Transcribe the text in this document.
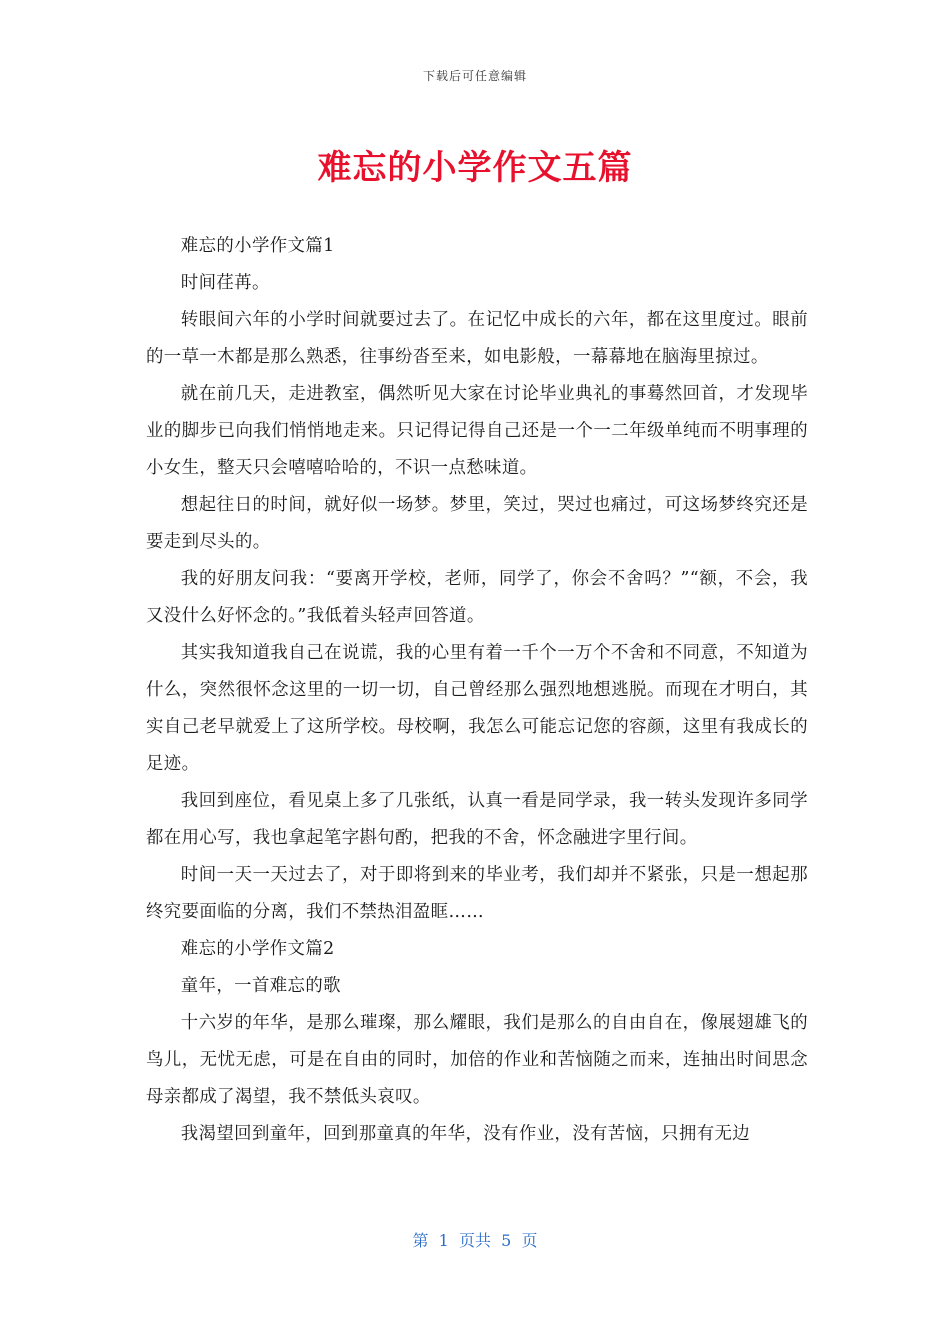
下载后可任意编辑
难忘的小学作文五篇

难忘的小学作文篇1

时间荏苒。

转眼间六年的小学时间就要过去了。在记忆中成长的六年，都在这里度过。眼前的一草一木都是那么熟悉，往事纷沓至来，如电影般，一幕幕地在脑海里掠过。

就在前几天，走进教室，偶然听见大家在讨论毕业典礼的事蓦然回首，才发现毕业的脚步已向我们悄悄地走来。只记得记得自己还是一个一二年级单纯而不明事理的小女生，整天只会嘻嘻哈哈的，不识一点愁味道。

想起往日的时间，就好似一场梦。梦里，笑过，哭过也痛过，可这场梦终究还是要走到尽头的。

我的好朋友问我：“要离开学校，老师，同学了，你会不舍吗？”“额，不会，我又没什么好怀念的。”我低着头轻声回答道。

其实我知道我自己在说谎，我的心里有着一千个一万个不舍和不同意，不知道为什么，突然很怀念这里的一切一切，自己曾经那么强烈地想逃脱。而现在才明白，其实自己老早就爱上了这所学校。母校啊，我怎么可能忘记您的容颜，这里有我成长的足迹。

我回到座位，看见桌上多了几张纸，认真一看是同学录，我一转头发现许多同学都在用心写，我也拿起笔字斟句酌，把我的不舍，怀念融进字里行间。

时间一天一天过去了，对于即将到来的毕业考，我们却并不紧张，只是一想起那终究要面临的分离，我们不禁热泪盈眶……

难忘的小学作文篇2

童年，一首难忘的歌

十六岁的年华，是那么璀璨，那么耀眼，我们是那么的自由自在，像展翅雄飞的鸟儿，无忧无虑，可是在自由的同时，加倍的作业和苦恼随之而来，连抽出时间思念母亲都成了渴望，我不禁低头哀叹。

我渴望回到童年，回到那童真的年华，没有作业，没有苦恼，只拥有无边

第  1  页共  5  页
